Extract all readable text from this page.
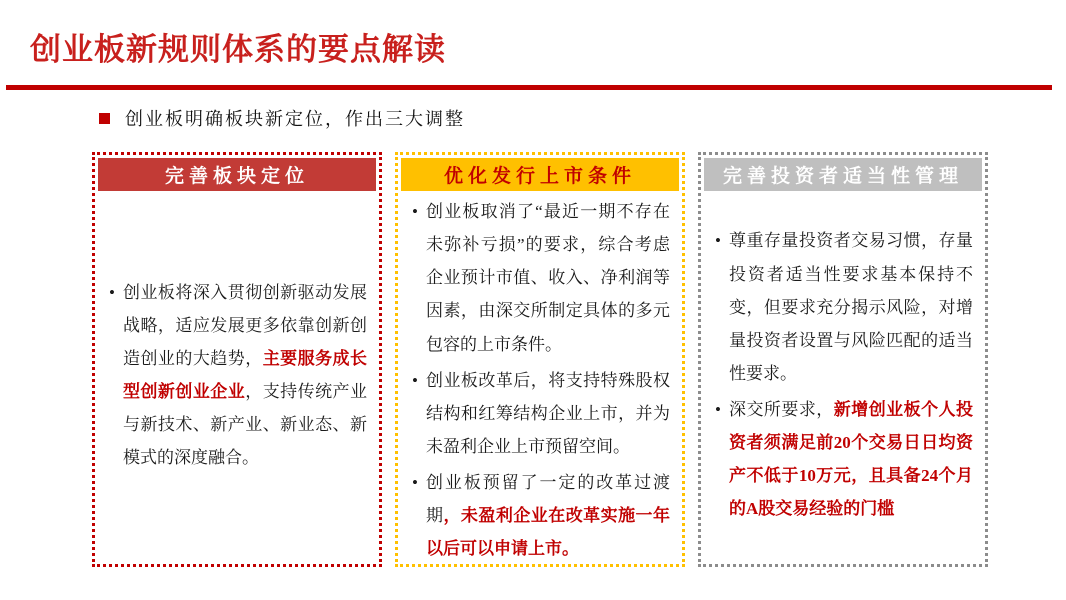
创业板新规则体系的要点解读
创业板明确板块新定位，作出三大调整
完善板块定位
• 创业板将深入贯彻创新驱动发展战略，适应发展更多依靠创新创造创业的大趋势，主要服务成长型创新创业企业，支持传统产业与新技术、新产业、新业态、新模式的深度融合。
优化发行上市条件
• 创业板取消了“最近一期不存在未弥补亏损”的要求，综合考虑企业预计市值、收入、净利润等因素，由深交所制定具体的多元包容的上市条件。
• 创业板改革后，将支持特殊股权结构和红筹结构企业上市，并为未盈利企业上市预留空间。
• 创业板预留了一定的改革过渡期，未盈利企业在改革实施一年以后可以申请上市。
完善投资者适当性管理
• 尊重存量投资者交易习惯，存量投资者适当性要求基本保持不变，但要求充分揭示风险，对增量投资者设置与风险匹配的适当性要求。
• 深交所要求，新增创业板个人投资者须满足前20个交易日日均资产不低于10万元，且具备24个月的A股交易经验的门槛
